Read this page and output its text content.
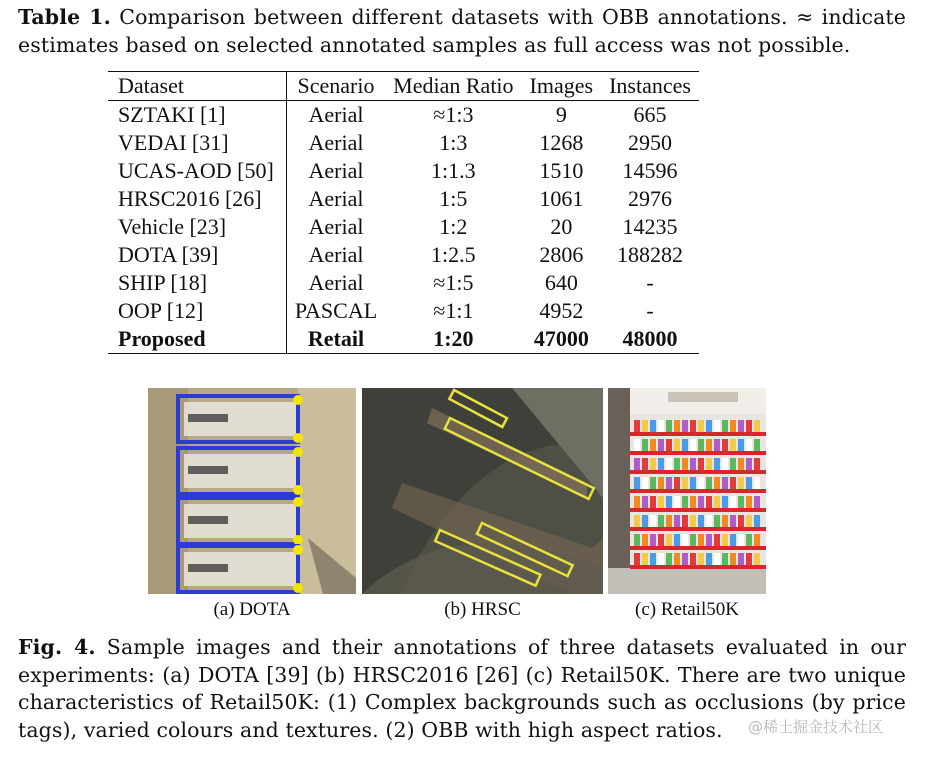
Table 1. Comparison between different datasets with OBB annotations. ≈ indicate estimates based on selected annotated samples as full access was not possible.
Dataset	Scenario	Median Ratio	Images	Instances
SZTAKI [1]	Aerial	≈1:3	9	665
VEDAI [31]	Aerial	1:3	1268	2950
UCAS-AOD [50]	Aerial	1:1.3	1510	14596
HRSC2016 [26]	Aerial	1:5	1061	2976
Vehicle [23]	Aerial	1:2	20	14235
DOTA [39]	Aerial	1:2.5	2806	188282
SHIP [18]	Aerial	≈1:5	640	-
OOP [12]	PASCAL	≈1:1	4952	-
Proposed	Retail	1:20	47000	48000
(a) DOTA	(b) HRSC	(c) Retail50K
Fig. 4. Sample images and their annotations of three datasets evaluated in our experiments: (a) DOTA [39] (b) HRSC2016 [26] (c) Retail50K. There are two unique characteristics of Retail50K: (1) Complex backgrounds such as occlusions (by price tags), varied colours and textures. (2) OBB with high aspect ratios.	@稀土掘金技术社区
